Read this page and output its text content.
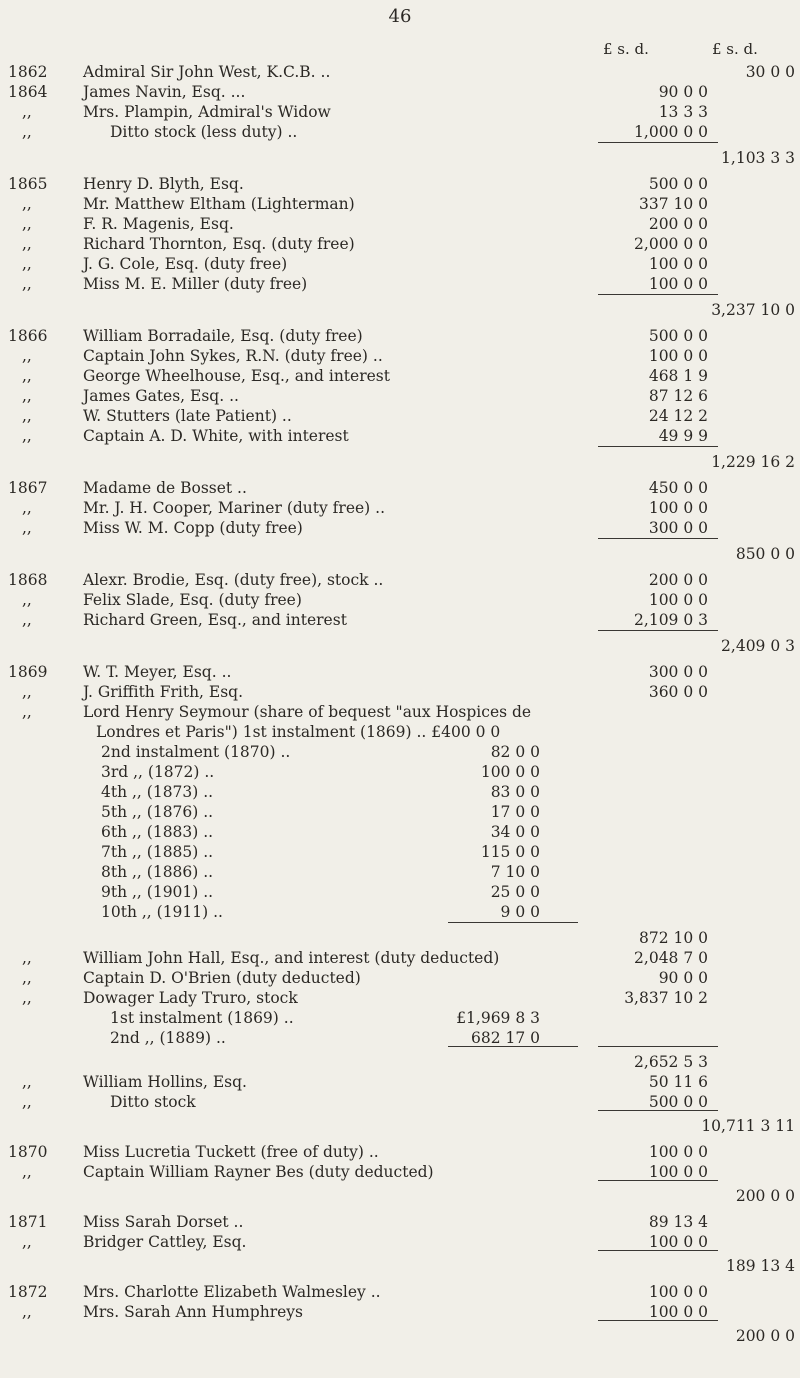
46
£ s. d.	£ s. d.
1862 Admiral Sir John West, K.C.B. ..	30 0 0
1864 James Navin, Esq. ...	90 0 0
,,	Mrs. Plampin, Admiral's Widow	13 3 3
,,	Ditto stock (less duty) ..	1,000 0 0
1,103 3 3
1865 Henry D. Blyth, Esq.	500 0 0
,,	Mr. Matthew Eltham (Lighterman)	337 10 0
,,	F. R. Magenis, Esq.	200 0 0
,,	Richard Thornton, Esq. (duty free)	2,000 0 0
,,	J. G. Cole, Esq. (duty free)	100 0 0
,,	Miss M. E. Miller (duty free)	100 0 0
3,237 10 0
1866 William Borradaile, Esq. (duty free)	500 0 0
,,	Captain John Sykes, R.N. (duty free) ..	100 0 0
,,	George Wheelhouse, Esq., and interest	468 1 9
,,	James Gates, Esq. ..	87 12 6
,,	W. Stutters (late Patient) ..	24 12 2
,,	Captain A. D. White, with interest	49 9 9
1,229 16 2
1867 Madame de Bosset ..	450 0 0
,,	Mr. J. H. Cooper, Mariner (duty free) ..	100 0 0
,,	Miss W. M. Copp (duty free)	300 0 0
850 0 0
1868 Alexr. Brodie, Esq. (duty free), stock ..	200 0 0
,,	Felix Slade, Esq. (duty free)	100 0 0
,,	Richard Green, Esq., and interest	2,109 0 3
2,409 0 3
1869 W. T. Meyer, Esq. ..	300 0 0
,,	J. Griffith Frith, Esq.	360 0 0
,,	Lord Henry Seymour (share of bequest "aux Hospices de
Londres et Paris") 1st instalment (1869) .. £400 0 0
2nd instalment (1870) ..	82 0 0
3rd ,, (1872) ..	100 0 0
4th ,, (1873) ..	83 0 0
5th ,, (1876) ..	17 0 0
6th ,, (1883) ..	34 0 0
7th ,, (1885) ..	115 0 0
8th ,, (1886) ..	7 10 0
9th ,, (1901) ..	25 0 0
10th ,, (1911) ..	9 0 0
872 10 0
,,	William John Hall, Esq., and interest (duty deducted)	2,048 7 0
,,	Captain D. O'Brien (duty deducted)	90 0 0
,,	Dowager Lady Truro, stock	3,837 10 2
1st instalment (1869) ..	£1,969 8 3
2nd ,, (1889) ..	682 17 0
2,652 5 3
,,	William Hollins, Esq.	50 11 6
,,	Ditto stock	500 0 0
10,711 3 11
1870 Miss Lucretia Tuckett (free of duty) ..	100 0 0
,,	Captain William Rayner Bes (duty deducted)	100 0 0
200 0 0
1871 Miss Sarah Dorset ..	89 13 4
,,	Bridger Cattley, Esq.	100 0 0
189 13 4
1872 Mrs. Charlotte Elizabeth Walmesley ..	100 0 0
,,	Mrs. Sarah Ann Humphreys	100 0 0
200 0 0
